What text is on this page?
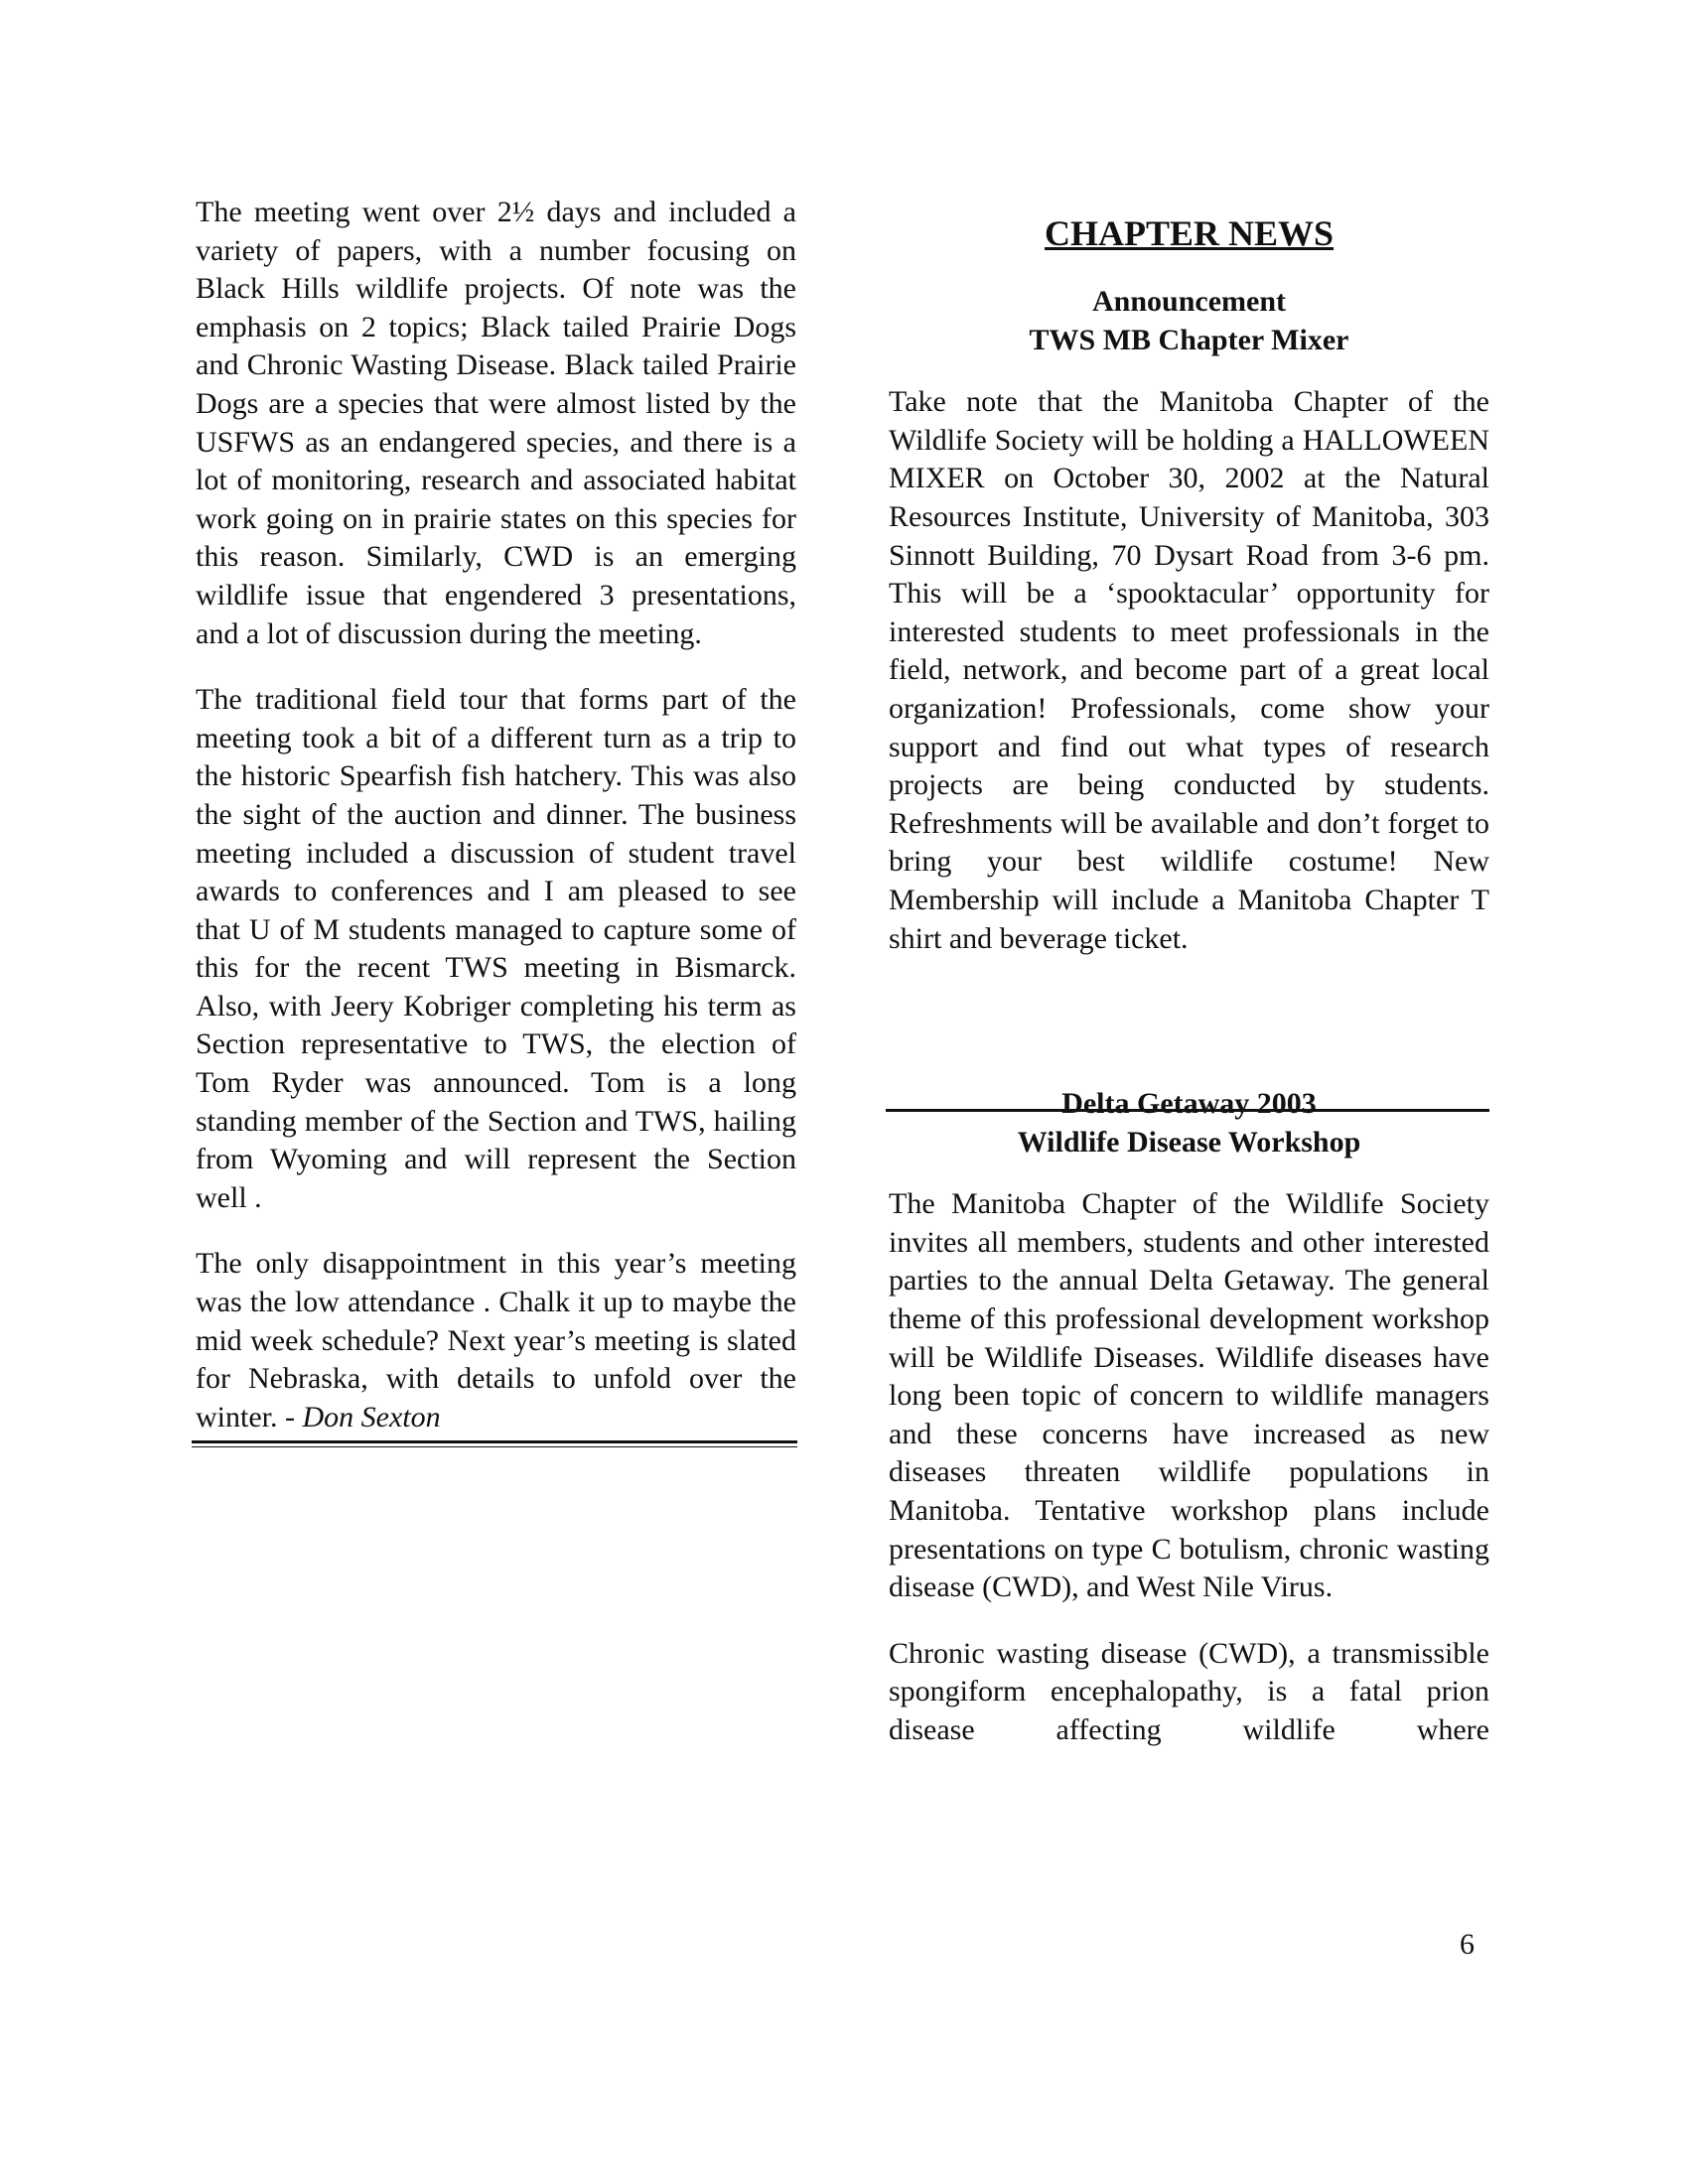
The meeting went over 2½ days and included a variety of papers, with a number focusing on Black Hills wildlife projects. Of note was the emphasis on 2 topics; Black tailed Prairie Dogs and Chronic Wasting Disease. Black tailed Prairie Dogs are a species that were almost listed by the USFWS as an endangered species, and there is a lot of monitoring, research and associated habitat work going on in prairie states on this species for this reason. Similarly, CWD is an emerging wildlife issue that engendered 3 presentations, and a lot of discussion during the meeting.

The traditional field tour that forms part of the meeting took a bit of a different turn as a trip to the historic Spearfish fish hatchery. This was also the sight of the auction and dinner. The business meeting included a discussion of student travel awards to conferences and I am pleased to see that U of M students managed to capture some of this for the recent TWS meeting in Bismarck. Also, with Jeery Kobriger completing his term as Section representative to TWS, the election of Tom Ryder was announced. Tom is a long standing member of the Section and TWS, hailing from Wyoming and will represent the Section well .

The only disappointment in this year’s meeting was the low attendance . Chalk it up to maybe the mid week schedule? Next year’s meeting is slated for Nebraska, with details to unfold over the winter. - Don Sexton

CHAPTER NEWS
Announcement
TWS MB Chapter Mixer

Take note that the Manitoba Chapter of the Wildlife Society will be holding a HALLOWEEN MIXER on October 30, 2002 at the Natural Resources Institute, University of Manitoba, 303 Sinnott Building, 70 Dysart Road from 3-6 pm. This will be a ‘spooktacular’ opportunity for interested students to meet professionals in the field, network, and become part of a great local organization! Professionals, come show your support and find out what types of research projects are being conducted by students. Refreshments will be available and don’t forget to bring your best wildlife costume! New Membership will include a Manitoba Chapter T shirt and beverage ticket.

Delta Getaway 2003
Wildlife Disease Workshop

The Manitoba Chapter of the Wildlife Society invites all members, students and other interested parties to the annual Delta Getaway. The general theme of this professional development workshop will be Wildlife Diseases. Wildlife diseases have long been topic of concern to wildlife managers and these concerns have increased as new diseases threaten wildlife populations in Manitoba. Tentative workshop plans include presentations on type C botulism, chronic wasting disease (CWD), and West Nile Virus.

Chronic wasting disease (CWD), a transmissible spongiform encephalopathy, is a fatal prion disease affecting wildlife where

6
